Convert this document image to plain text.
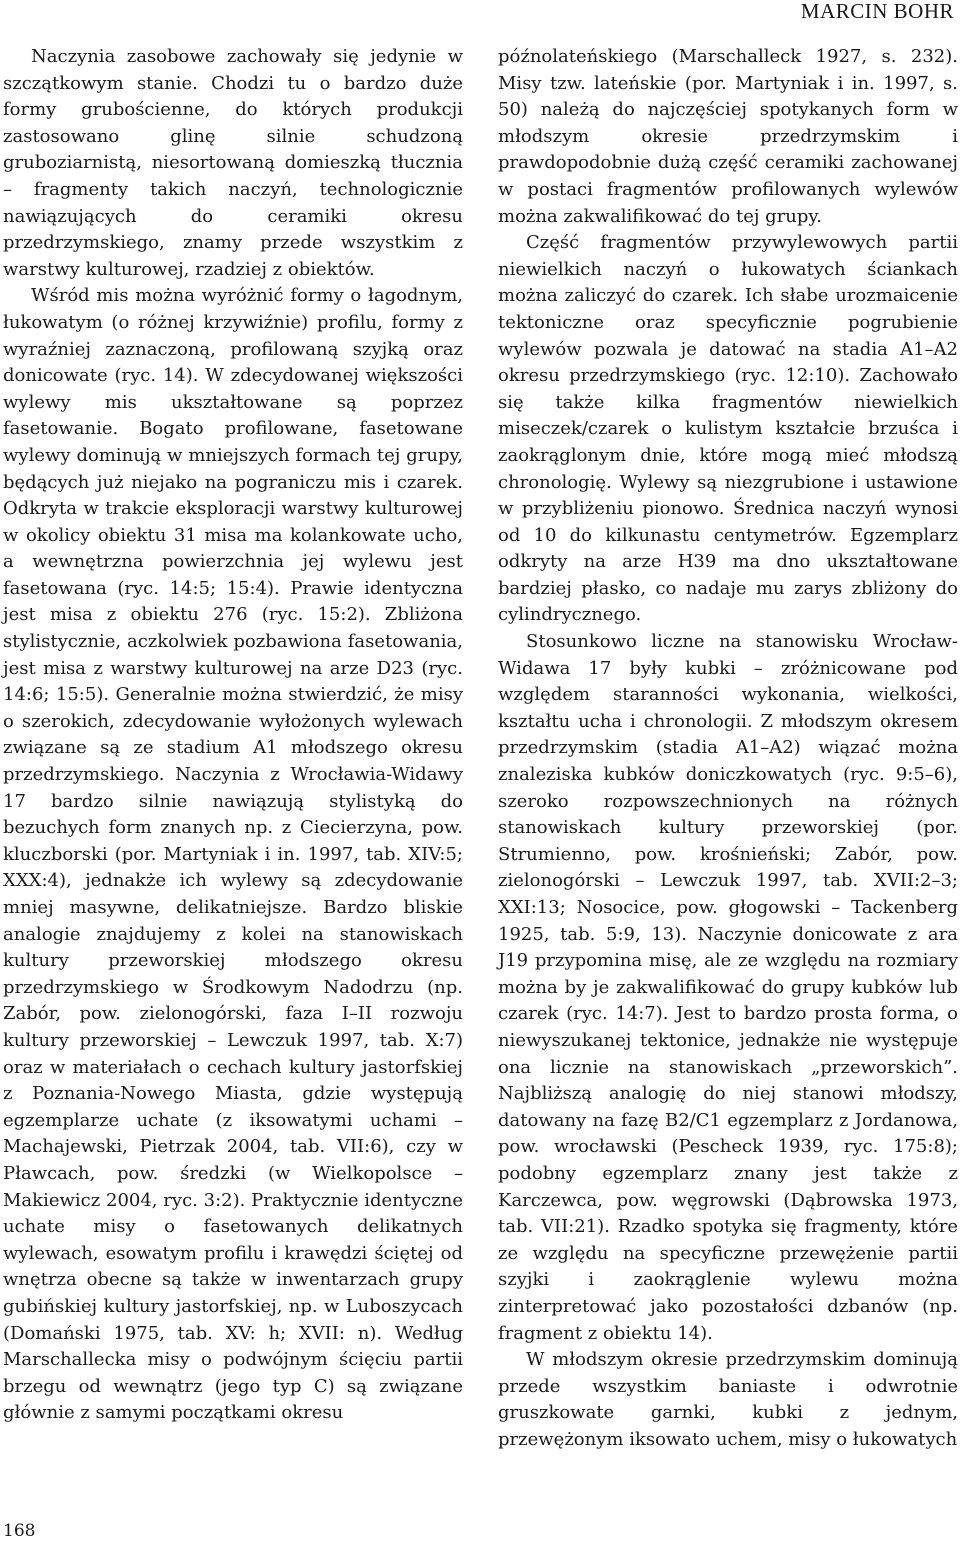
MARCIN BOHR

Naczynia zasobowe zachowały się jedynie w szczątkowym stanie. Chodzi tu o bardzo duże formy grubościenne, do których produkcji zastosowano glinę silnie schudzoną gruboziarnistą, niesortowaną domieszką tłucznia – fragmenty takich naczyń, technologicznie nawiązujących do ceramiki okresu przedrzymskiego, znamy przede wszystkim z warstwy kulturowej, rzadziej z obiektów.

Wśród mis można wyróżnić formy o łagodnym, łukowatym (o różnej krzywiźnie) profilu, formy z wyraźniej zaznaczoną, profilowaną szyjką oraz donicowate (ryc. 14). W zdecydowanej większości wylewy mis ukształtowane są poprzez fasetowanie. Bogato profilowane, fasetowane wylewy dominują w mniejszych formach tej grupy, będących już niejako na pograniczu mis i czarek. Odkryta w trakcie eksploracji warstwy kulturowej w okolicy obiektu 31 misa ma kolankowate ucho, a wewnętrzna powierzchnia jej wylewu jest fasetowana (ryc. 14:5; 15:4). Prawie identyczna jest misa z obiektu 276 (ryc. 15:2). Zbliżona stylistycznie, aczkolwiek pozbawiona fasetowania, jest misa z warstwy kulturowej na arze D23 (ryc. 14:6; 15:5). Generalnie można stwierdzić, że misy o szerokich, zdecydowanie wyłożonych wylewach związane są ze stadium A1 młodszego okresu przedrzymskiego. Naczynia z Wrocławia-Widawy 17 bardzo silnie nawiązują stylistyką do bezuchych form znanych np. z Ciecierzyna, pow. kluczborski (por. Martyniak i in. 1997, tab. XIV:5; XXX:4), jednakże ich wylewy są zdecydowanie mniej masywne, delikatniejsze. Bardzo bliskie analogie znajdujemy z kolei na stanowiskach kultury przeworskiej młodszego okresu przedrzymskiego w Środkowym Nadodrzu (np. Zabór, pow. zielonogórski, faza I–II rozwoju kultury przeworskiej – Lewczuk 1997, tab. X:7) oraz w materiałach o cechach kultury jastorfskiej z Poznania-Nowego Miasta, gdzie występują egzemplarze uchate (z iksowatymi uchami – Machajewski, Pietrzak 2004, tab. VII:6), czy w Pławcach, pow. średzki (w Wielkopolsce – Makiewicz 2004, ryc. 3:2). Praktycznie identyczne uchate misy o fasetowanych delikatnych wylewach, esowatym profilu i krawędzi ściętej od wnętrza obecne są także w inwentarzach grupy gubińskiej kultury jastorfskiej, np. w Luboszycach (Domański 1975, tab. XV: h; XVII: n). Według Marschallecka misy o podwójnym ścięciu partii brzegu od wewnątrz (jego typ C) są związane głównie z samymi początkami okresu

późnolateńskiego (Marschalleck 1927, s. 232). Misy tzw. lateńskie (por. Martyniak i in. 1997, s. 50) należą do najczęściej spotykanych form w młodszym okresie przedrzymskim i prawdopodobnie dużą część ceramiki zachowanej w postaci fragmentów profilowanych wylewów można zakwalifikować do tej grupy.

Część fragmentów przywylewowych partii niewielkich naczyń o łukowatych ściankach można zaliczyć do czarek. Ich słabe urozmaicenie tektoniczne oraz specyficznie pogrubienie wylewów pozwala je datować na stadia A1–A2 okresu przedrzymskiego (ryc. 12:10). Zachowało się także kilka fragmentów niewielkich miseczek/czarek o kulistym kształcie brzuśca i zaokrąglonym dnie, które mogą mieć młodszą chronologię. Wylewy są niezgrubione i ustawione w przybliżeniu pionowo. Średnica naczyń wynosi od 10 do kilkunastu centymetrów. Egzemplarz odkryty na arze H39 ma dno ukształtowane bardziej płasko, co nadaje mu zarys zbliżony do cylindrycznego.

Stosunkowo liczne na stanowisku Wrocław-Widawa 17 były kubki – zróżnicowane pod względem staranności wykonania, wielkości, kształtu ucha i chronologii. Z młodszym okresem przedrzymskim (stadia A1–A2) wiązać można znaleziska kubków doniczkowatych (ryc. 9:5–6), szeroko rozpowszechnionych na różnych stanowiskach kultury przeworskiej (por. Strumienno, pow. krośnieński; Zabór, pow. zielonogórski – Lewczuk 1997, tab. XVII:2–3; XXI:13; Nosocice, pow. głogowski – Tackenberg 1925, tab. 5:9, 13). Naczynie donicowate z ara J19 przypomina misę, ale ze względu na rozmiary można by je zakwalifikować do grupy kubków lub czarek (ryc. 14:7). Jest to bardzo prosta forma, o niewyszukanej tektonice, jednakże nie występuje ona licznie na stanowiskach „przeworskich”. Najbliższą analogię do niej stanowi młodszy, datowany na fazę B2/C1 egzemplarz z Jordanowa, pow. wrocławski (Pescheck 1939, ryc. 175:8); podobny egzemplarz znany jest także z Karczewca, pow. węgrowski (Dąbrowska 1973, tab. VII:21). Rzadko spotyka się fragmenty, które ze względu na specyficzne przewężenie partii szyjki i zaokrąglenie wylewu można zinterpretować jako pozostałości dzbanów (np. fragment z obiektu 14).

W młodszym okresie przedrzymskim dominują przede wszystkim baniaste i odwrotnie gruszkowate garnki, kubki z jednym, przewężonym iksowato uchem, misy o łukowatych

168
